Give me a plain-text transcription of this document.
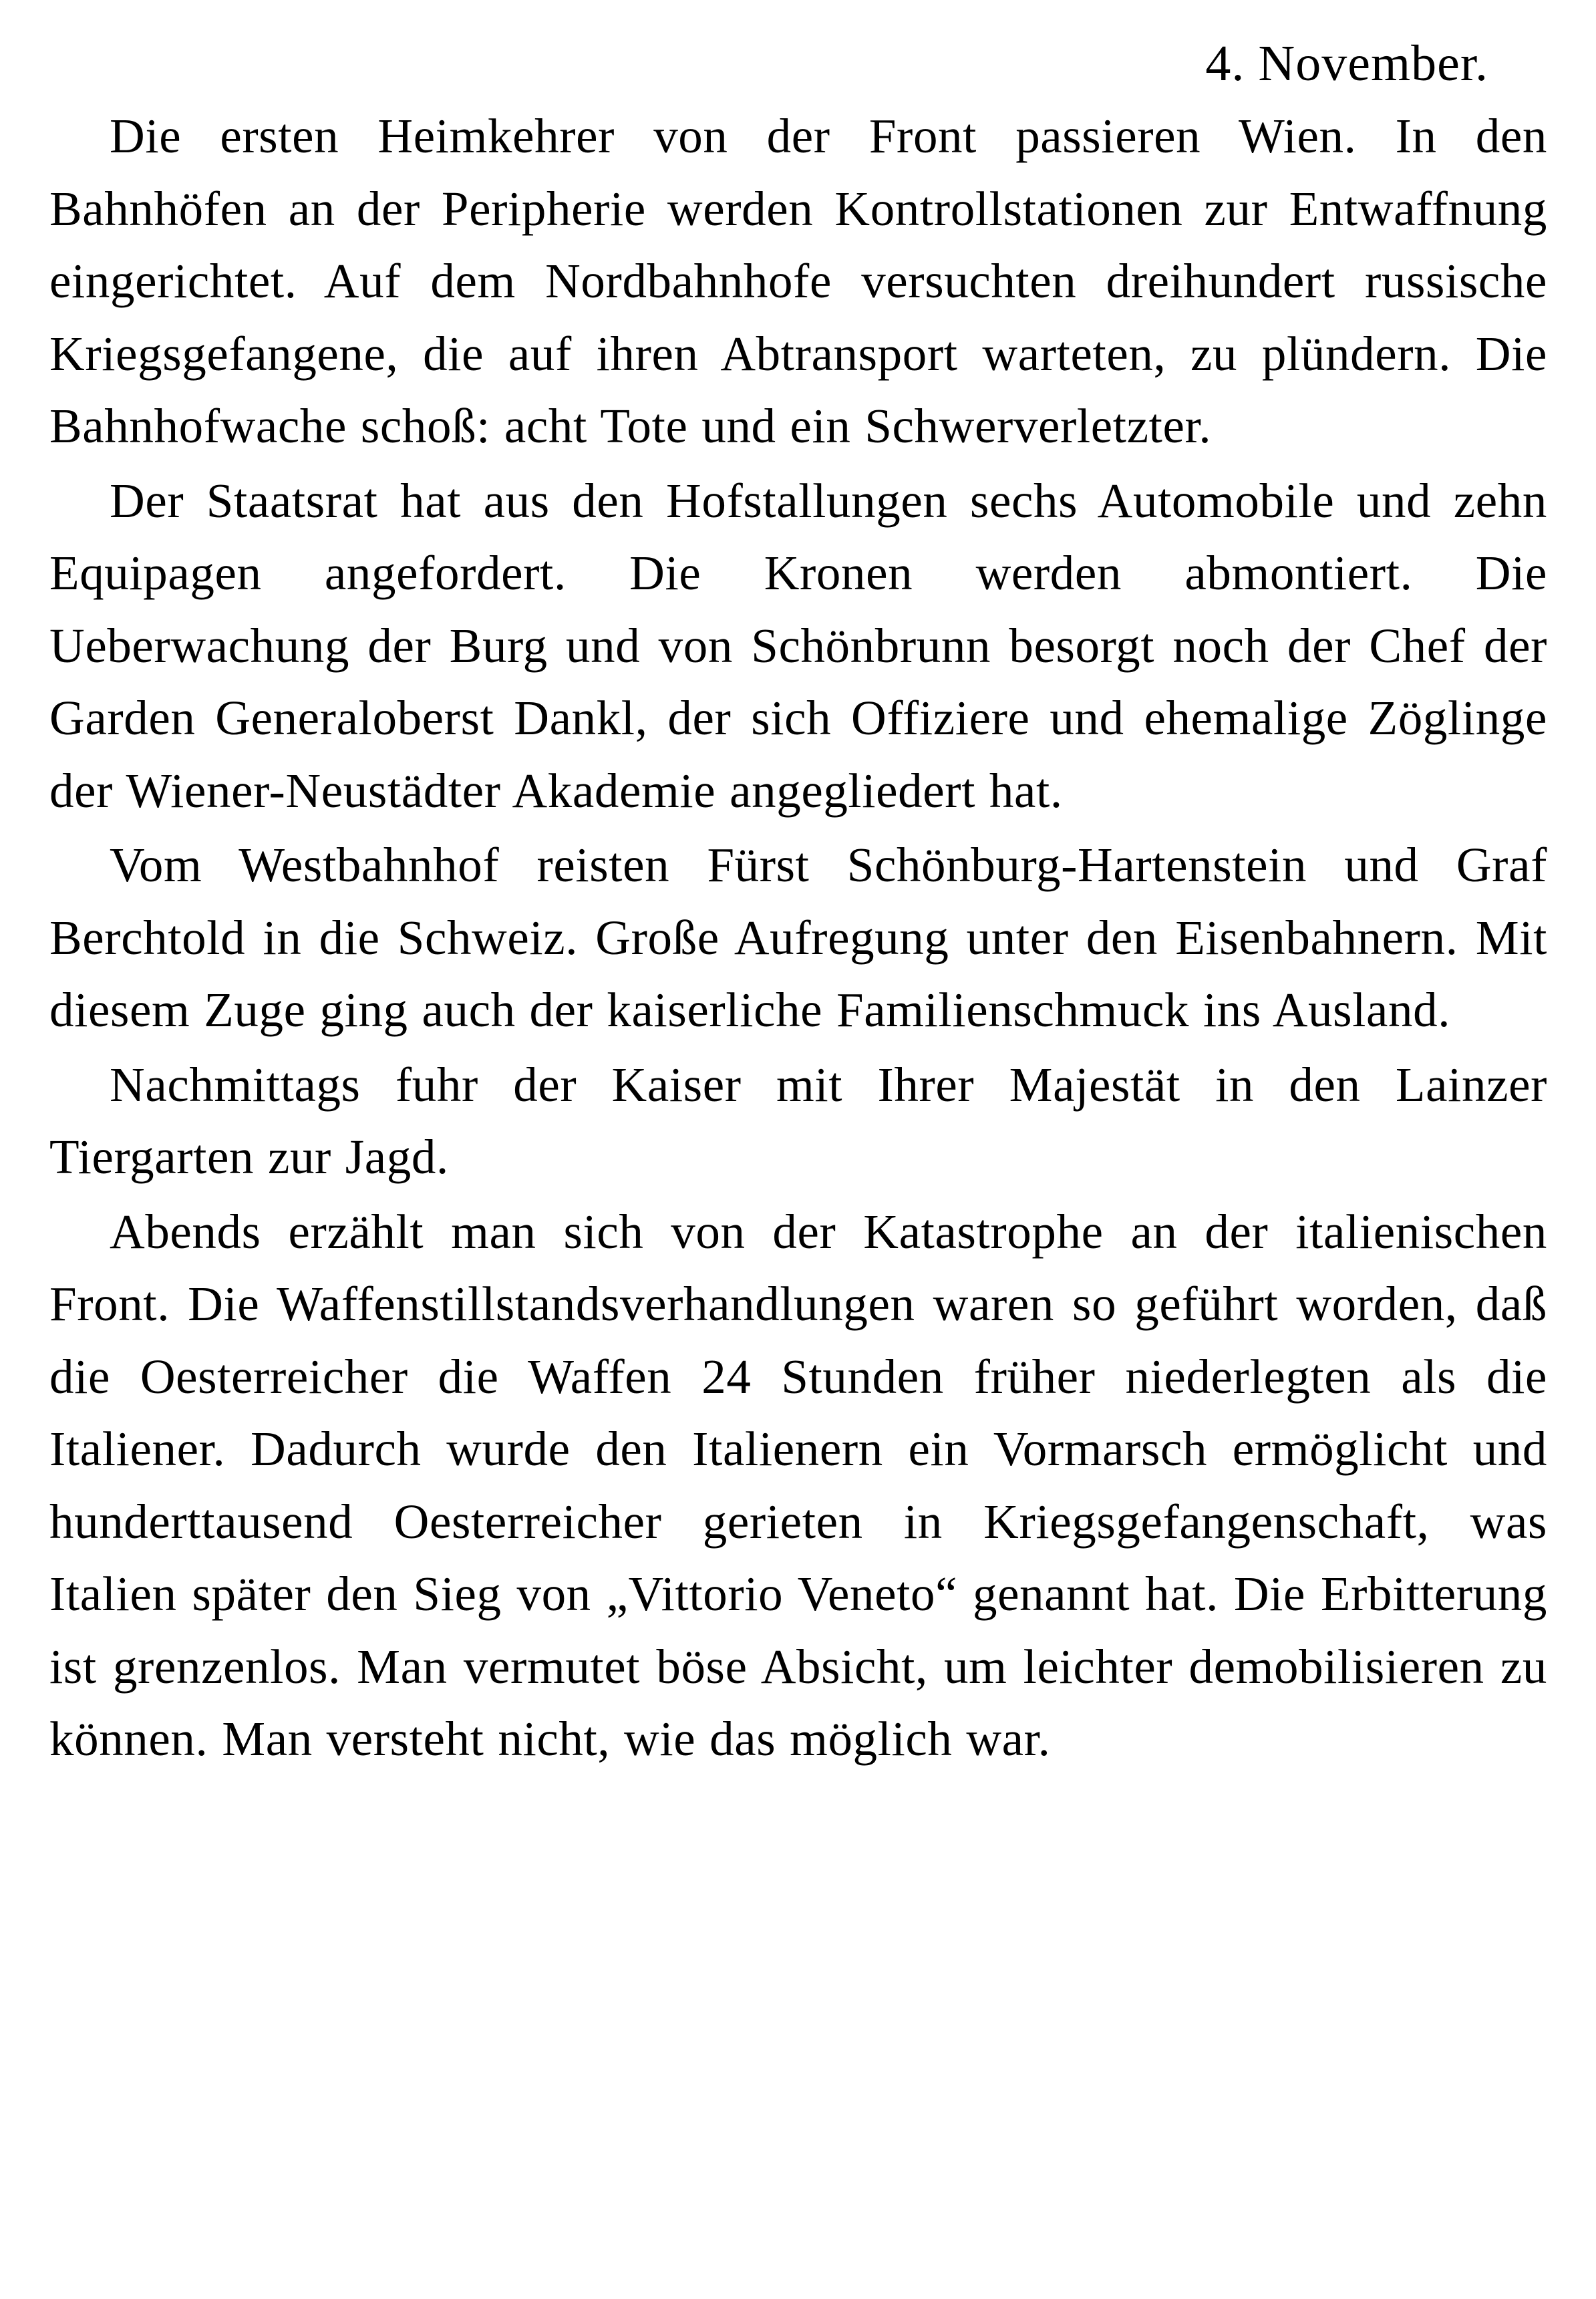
4. November.

Die ersten Heimkehrer von der Front passieren Wien. In den Bahnhöfen an der Peripherie werden Kontrollstationen zur Entwaffnung eingerichtet. Auf dem Nordbahnhofe versuchten dreihundert russische Kriegsgefangene, die auf ihren Abtransport warteten, zu plündern. Die Bahnhofwache schoß: acht Tote und ein Schwerverletzter.

Der Staatsrat hat aus den Hofstallungen sechs Automobile und zehn Equipagen angefordert. Die Kronen werden abmontiert. Die Ueberwachung der Burg und von Schönbrunn besorgt noch der Chef der Garden Generaloberst Dankl, der sich Offiziere und ehemalige Zöglinge der Wiener-Neustädter Akademie angegliedert hat.

Vom Westbahnhof reisten Fürst Schönburg-Hartenstein und Graf Berchtold in die Schweiz. Große Aufregung unter den Eisenbahnern. Mit diesem Zuge ging auch der kaiserliche Familienschmuck ins Ausland.

Nachmittags fuhr der Kaiser mit Ihrer Majestät in den Lainzer Tiergarten zur Jagd.

Abends erzählt man sich von der Katastrophe an der italienischen Front. Die Waffenstillstandsverhandlungen waren so geführt worden, daß die Oesterreicher die Waffen 24 Stunden früher niederlegten als die Italiener. Dadurch wurde den Italienern ein Vormarsch ermöglicht und hunderttausend Oesterreicher gerieten in Kriegsgefangenschaft, was Italien später den Sieg von „Vittorio Veneto“ genannt hat. Die Erbitterung ist grenzenlos. Man vermutet böse Absicht, um leichter demobilisieren zu können. Man versteht nicht, wie das möglich war.
